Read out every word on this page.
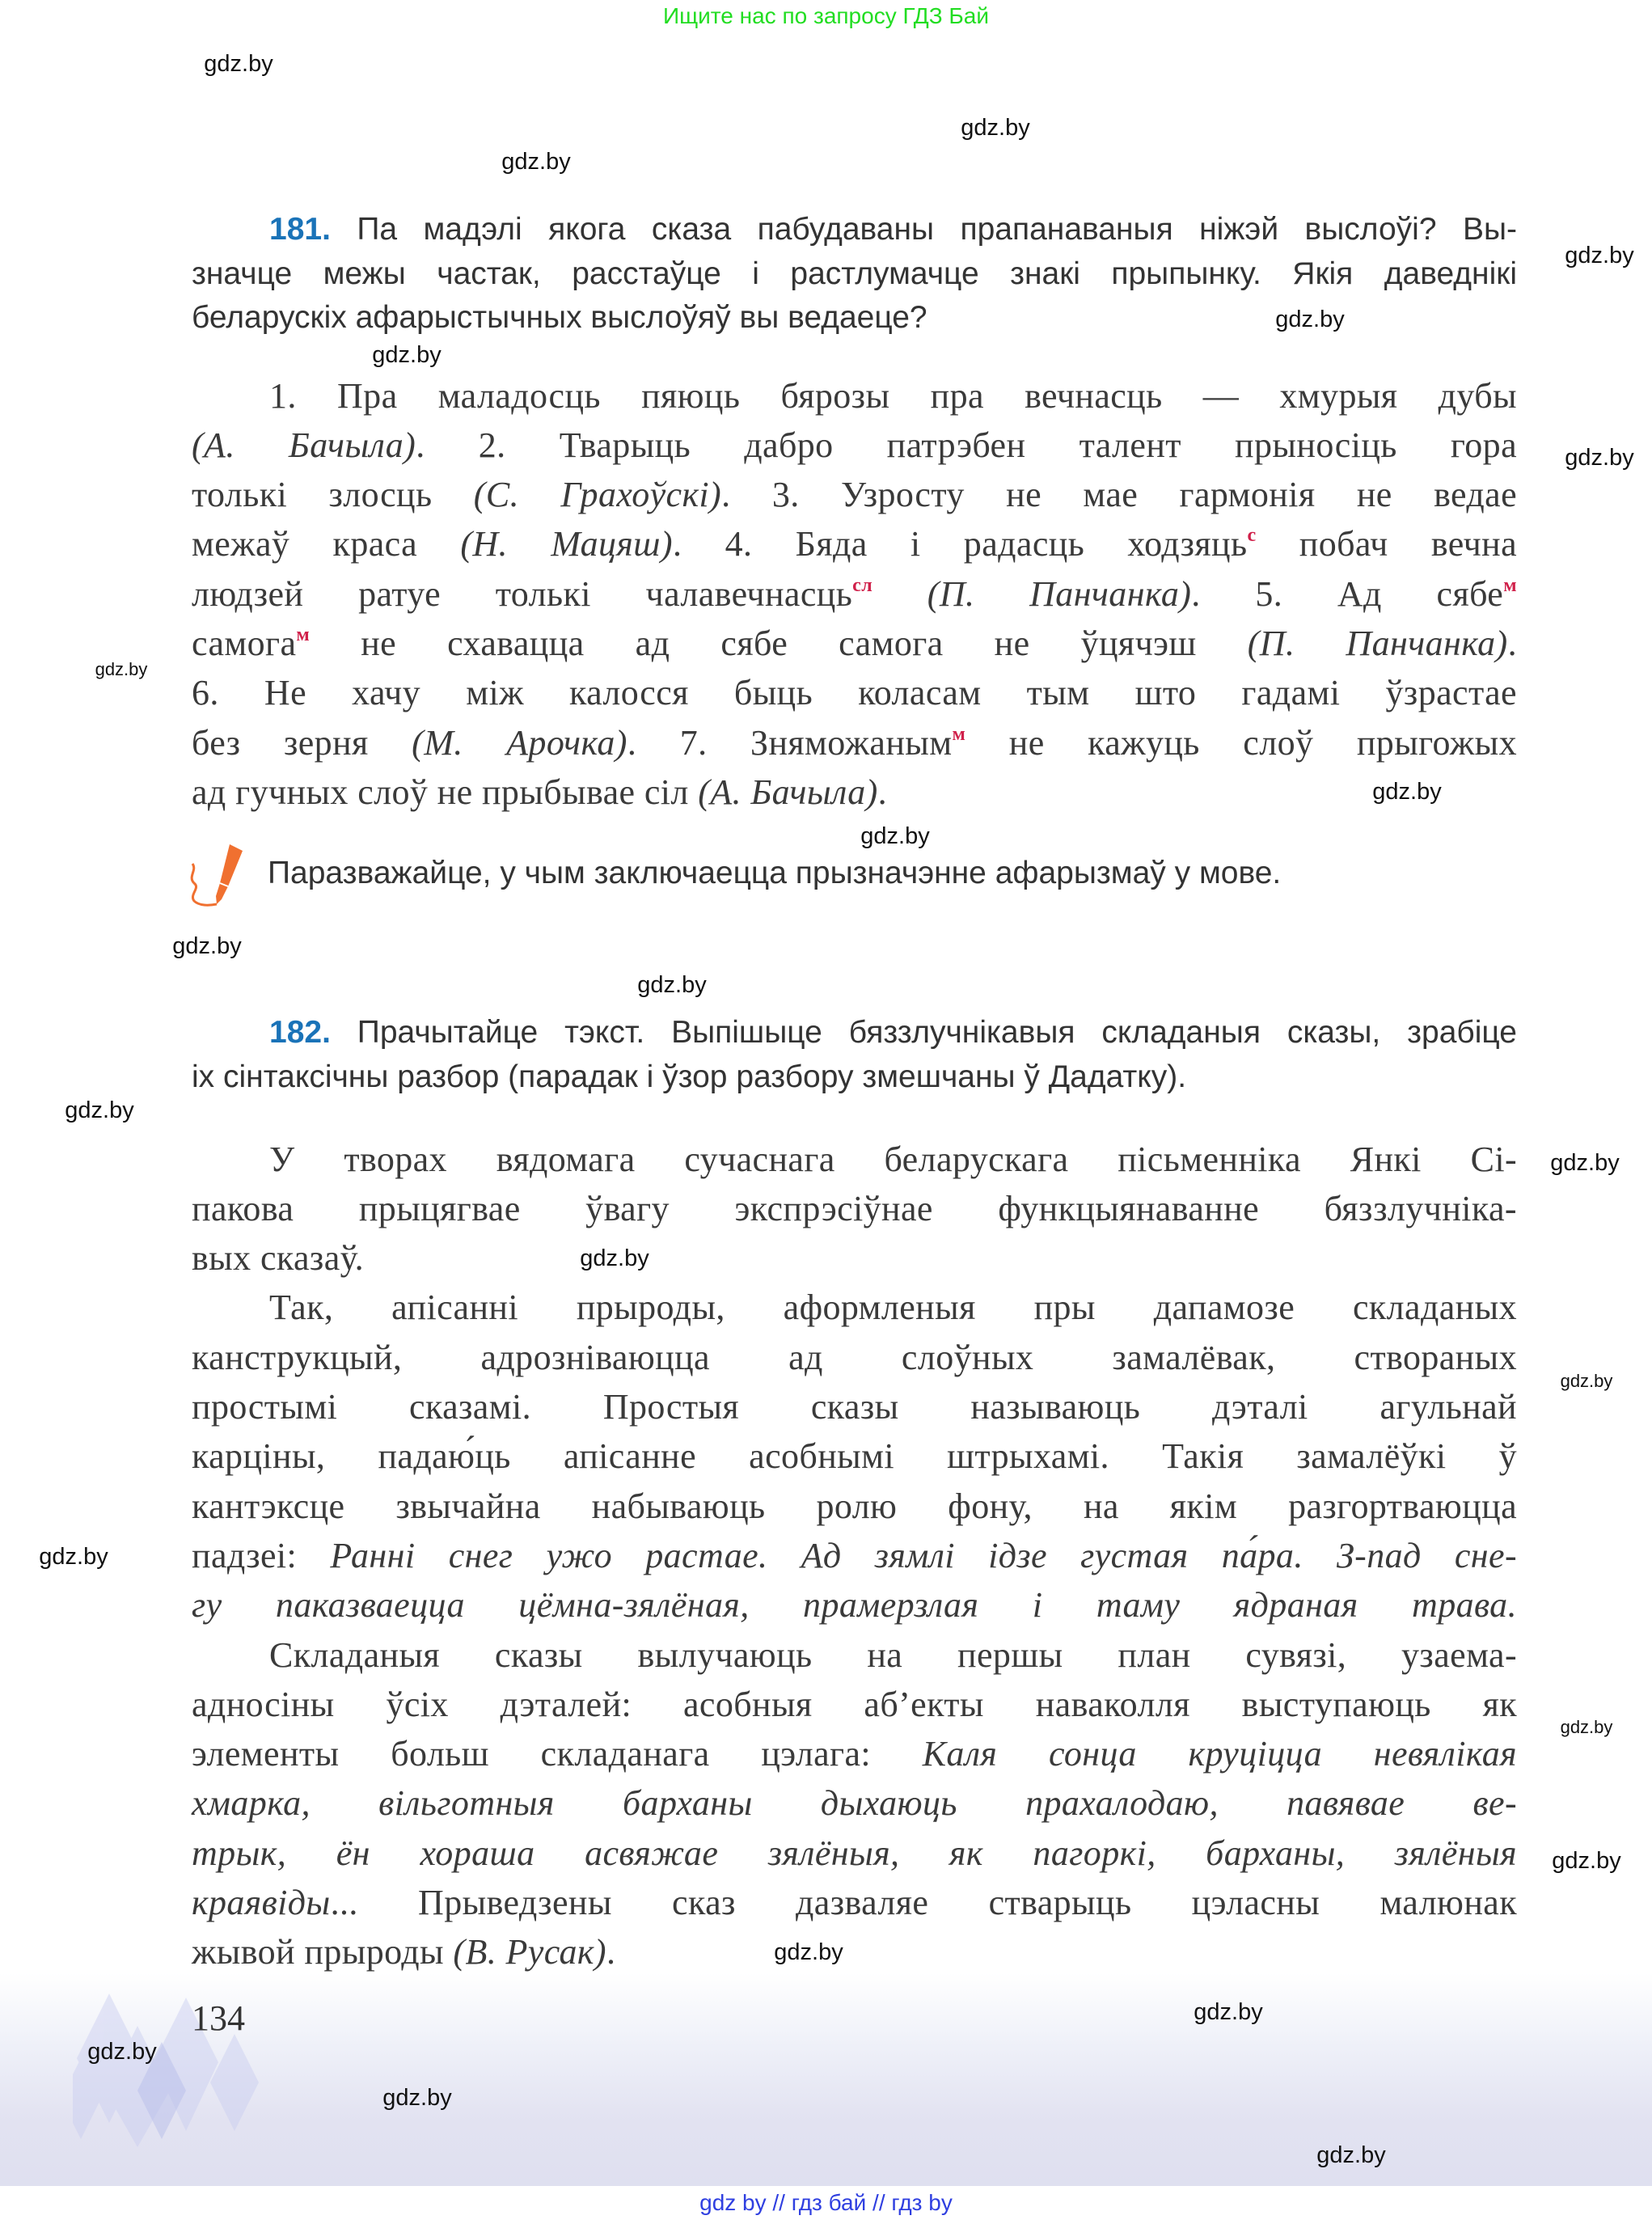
Ищите нас по запросу ГДЗ Бай
181. Па мадэлі якога сказа пабудаваны прапанаваныя ніжэй выслоўі? Вы-
значце межы частак, расстаўце і растлумачце знакі прыпынку. Якія даведнікі
беларускіх афарыстычных выслоўяў вы ведаеце?
1. Пра маладосць пяюць бярозы пра вечнасць — хмурыя дубы
(А. Бачыла). 2. Тварыць дабро патрэбен талент прыносіць гора
толькі злосць (С. Грахоўскі). 3. Узросту не мае гармонія не ведае
межаў краса (Н. Мацяш). 4. Бяда і радасць ходзяць$^с$ побач вечна
людзей ратуе толькі чалавечнасць$^{сл}$ (П. Панчанка). 5. Ад сябе$^м$
самога$^м$ не схавацца ад сябе самога не ўцячэш (П. Панчанка).
6. Не хачу між калосся быць коласам тым што гадамі ўзрастае
без зерня (М. Арочка). 7. Зняможаным$^м$ не кажуць слоў прыгожых
ад гучных слоў не прыбывае сіл (А. Бачыла).
Паразважайце, у чым заключаецца прызначэнне афарызмаў у мове.
182. Прачытайце тэкст. Выпішыце бяззлучнікавыя складаныя сказы, зрабіце
іх сінтаксічны разбор (парадак і ўзор разбору змешчаны ў Дадатку).
У творах вядомага сучаснага беларускага пісьменніка Янкі Сі-
пакова прыцягвае ўвагу экспрэсіўнае функцыянаванне бяззлучніка-
вых сказаў.
Так, апісанні прыроды, аформленыя пры дапамозе складаных
канструкцый, адрозніваюцца ад слоўных замалёвак, створаных
простымі сказамі. Простыя сказы называюць дэталі агульнай
карціны, падаю́ць апісанне асобнымі штрыхамі. Такія замалёўкі ў
кантэксце звычайна набываюць ролю фону, на якім разгортваюцца
падзеі: Ранні снег ужо растае. Ад зямлі ідзе густая па́ра. З-пад сне-
гу паказваецца цёмна-зялёная, прамерзлая і таму ядраная трава.
Складаныя сказы вылучаюць на першы план сувязі, узаема-
адносіны ўсіх дэталей: асобныя аб’екты наваколля выступаюць як
элементы больш складанага цэлага: Каля сонца круціцца невялікая
хмарка, вільготныя барханы дыхаюць прахалодаю, павявае ве-
трык, ён хораша асвяжае зялёныя, як пагоркі, барханы, зялёныя
краявіды... Прыведзены сказ дазваляе стварыць цэласны малюнак
жывой прыроды (В. Русак).
134
gdz.by
gdz.by
gdz.by
gdz.by
gdz.by
gdz.by
gdz.by
gdz.by
gdz.by
gdz.by
gdz.by
gdz.by
gdz.by
gdz.by
gdz.by
gdz.by
gdz.by
gdz.by
gdz.by
gdz.by
gdz.by
gdz.by
gdz.by
gdz.by
gdz by // гдз бай // гдз by
